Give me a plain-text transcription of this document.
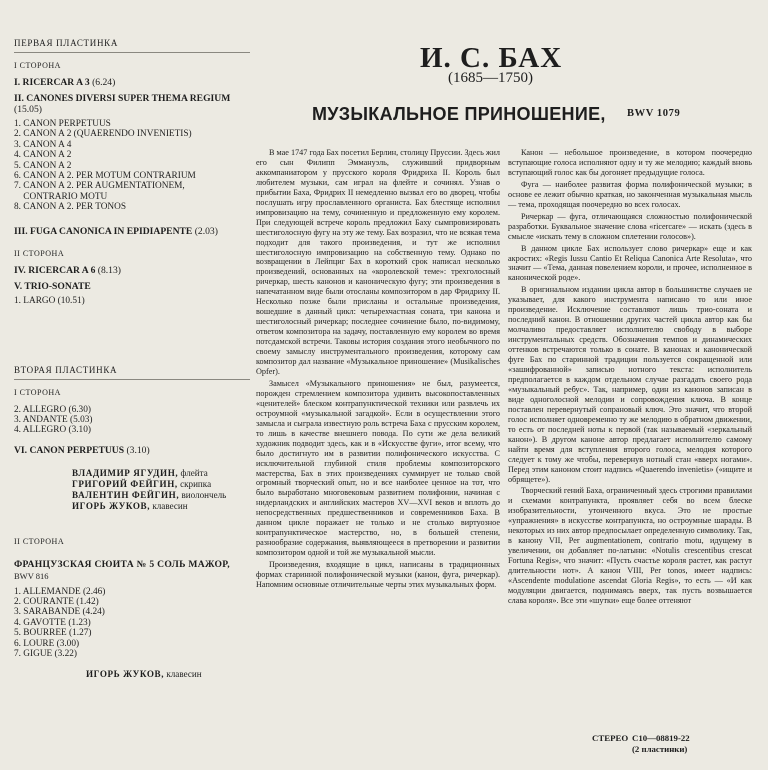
ПЕРВАЯ ПЛАСТИНКА
I СТОРОНА
I. RICERCAR A 3 (6.24)
II. CANONES DIVERSI SUPER THEMA REGIUM (15.05)
1. CANON PERPETUUS
2. CANON A 2 (QUAERENDO INVENIETIS)
3. CANON A 4
4. CANON A 2
5. CANON A 2
6. CANON A 2. PER MOTUM CONTRARIUM
7. CANON A 2. PER AUGMENTATIONEM,
CONTRARIO MOTU
8. CANON A 2. PER TONOS
III. FUGA CANONICA IN EPIDIAPENTE (2.03)
II СТОРОНА
IV. RICERCAR A 6 (8.13)
V. TRIO-SONATE
1. LARGO (10.51)
ВТОРАЯ ПЛАСТИНКА
I СТОРОНА
2. ALLEGRO (6.30)
3. ANDANTE (5.03)
4. ALLEGRO (3.10)
VI. CANON PERPETUUS (3.10)
ВЛАДИМИР ЯГУДИН, флейта
ГРИГОРИЙ ФЕЙГИН, скрипка
ВАЛЕНТИН ФЕЙГИН, виолончель
ИГОРЬ ЖУКОВ, клавесин
II СТОРОНА
ФРАНЦУЗСКАЯ СЮИТА № 5 СОЛЬ МАЖОР,
BWV 816
1. ALLEMANDE (2.46)
2. COURANTE (1.42)
3. SARABANDE (4.24)
4. GAVOTTE (1.23)
5. BOURREE (1.27)
6. LOURE (3.00)
7. GIGUE (3.22)
ИГОРЬ ЖУКОВ, клавесин
И. С. БАХ
(1685—1750)
МУЗЫКАЛЬНОЕ ПРИНОШЕНИЕ, BWV 1079

В мае 1747 года Бах посетил Берлин, столицу Пруссии. Здесь жил его сын Филипп Эммануэль, служивший придворным аккомпаниатором у прусского короля Фридриха II. Король был любителем музыки, сам играл на флейте и сочинял. Узнав о прибытии Баха, Фридрих II немедленно вызвал его во дворец, чтобы послушать игру прославленного органиста. Бах блестяще исполнил импровизацию на тему, сочиненную и предложенную ему королем. При следующей встрече король предложил Баху сымпровизировать шестиголосную фугу на эту же тему. Бах возразил, что не всякая тема подходит для такого произведения, и тут же исполнил шестиголосную импровизацию на собственную тему. Однако по возвращении в Лейпциг Бах в короткий срок написал несколько произведений, основанных на «королевской теме»: трехголосный ричеркар, шесть канонов и каноническую фугу; эти произведения в напечатанном виде были отосланы композитором в дар Фридриху II. Несколько позже были присланы и остальные произведения, вошедшие в данный цикл: четырехчастная соната, три канона и шестиголосный ричеркар; последнее сочинение было, по-видимому, ответом композитора на задачу, поставленную ему королем во время потсдамской встречи. Таковы история создания этого необычного по своему замыслу инструментального произведения, которому сам композитор дал название «Музыкальное приношение» (Musikalisches Opfer).

Замысел «Музыкального приношения» не был, разумеется, порожден стремлением композитора удивить высокопоставленных «ценителей» блеском контрапунктической техники или развлечь их остроумной «музыкальной загадкой». Если в осуществлении этого замысла и сыграла известную роль встреча Баха с прусским королем, то лишь в качестве внешнего повода. По сути же дела великий художник подводит здесь, как и в «Искусстве фуги», итог всему, что было достигнуто им в развитии полифонического искусства. С исключительной глубиной стиля проблемы композиторского мастерства, Бах в этих произведениях суммирует не только свой огромный творческий опыт, но и все наиболее ценное на тот, что было выработано многовековым развитием полифонии, начиная с нидерландских и английских мастеров XV—XVI веков и вплоть до непосредственных предшественников и современников Баха. В данном цикле поражает не только и не столько виртуозное контрапунктическое мастерство, но, в большей степени, разнообразие содержания, выявляющееся в претворении и развитии композитором одной и той же музыкальной мысли.

Произведения, входящие в цикл, написаны в традиционных формах старинной полифонической музыки (канон, фуга, ричеркар). Напомним основные отличительные черты этих музыкальных форм.

Канон — небольшое произведение, в котором поочередно вступающие голоса исполняют одну и ту же мелодию; каждый вновь вступающий голос как бы догоняет предыдущие голоса.

Фуга — наиболее развитая форма полифонической музыки; в основе ее лежит обычно краткая, но законченная музыкальная мысль — тема, проходящая поочередно во всех голосах.

Ричеркар — фуга, отличающаяся сложностью полифонической разработки. Буквальное значение слова «ricercare» — искать (здесь в смысле «искать тему в сложном сплетении голосов»).

В данном цикле Бах использует слово ричеркар» еще и как акростих: «Regis Iussu Cantio Et Reliqua Canonica Arte Resoluta», что значит — «Тема, данная повелением короли, и прочее, исполненное в канонической роде».

В оригинальном издании цикла автор в большинстве случаев не указывает, для какого инструмента написано то или иное произведение. Исключение составляют лишь трио-соната и последний канон. В отношении других частей цикла автор как бы молчаливо предоставляет исполнителю свободу в выборе инструментальных средств. Обозначения темпов и динамических оттенков встречаются только в сонате. В канонах и канонической фуге Бах по старинной традиции пользуется сокращенной или «зашифрованной» записью нотного текста: исполнитель предполагается в каждом отдельном случае разгадать своего рода «музыкальный ребус». Так, например, один из канонов записан в виде одноголосной мелодии и сопровождения ключа. В конце поставлен перевернутый сопрановый ключ. Это значит, что второй голос исполняет одновременно ту же мелодию в обратном движении, то есть от последней ноты к первой (так называемый «зеркальный канон»). В другом каноне автор предлагает исполнителю самому найти время для вступления второго голоса, мелодия которого следует к тому же чтобы, перевернув нотный стан «вверх ногами». Перед этим каноном стоит надпись «Quaerendo invenietis» («ищите и обрящете»).

Творческий гений Баха, ограниченный здесь строгими правилами и схемами контрапункта, проявляет себя во всем блеске изобразительности, утонченного вкуса. Это не простые «упражнения» в искусстве контрапункта, но остроумные шарады. В некоторых из них автор предпосылает определенную символику. Так, в канону VII, Per augmentationem, contrario motu, идущему в увеличении, он добавляет по-латыни: «Notulis crescentibus crescat Fortuna Regis», что значит: «Пусть счастье короля растет, как растут длительности нот». А канон VIII, Per tonos, имеет надпись: «Ascendente modulatione ascendat Gloria Regis», то есть — «И как модуляции двигается, поднимаясь вверх, так пусть возвышается слава короля». Все эти «шутки» еще более оттеняют

СТЕРЕО С10—08819-22
(2 пластинки)
